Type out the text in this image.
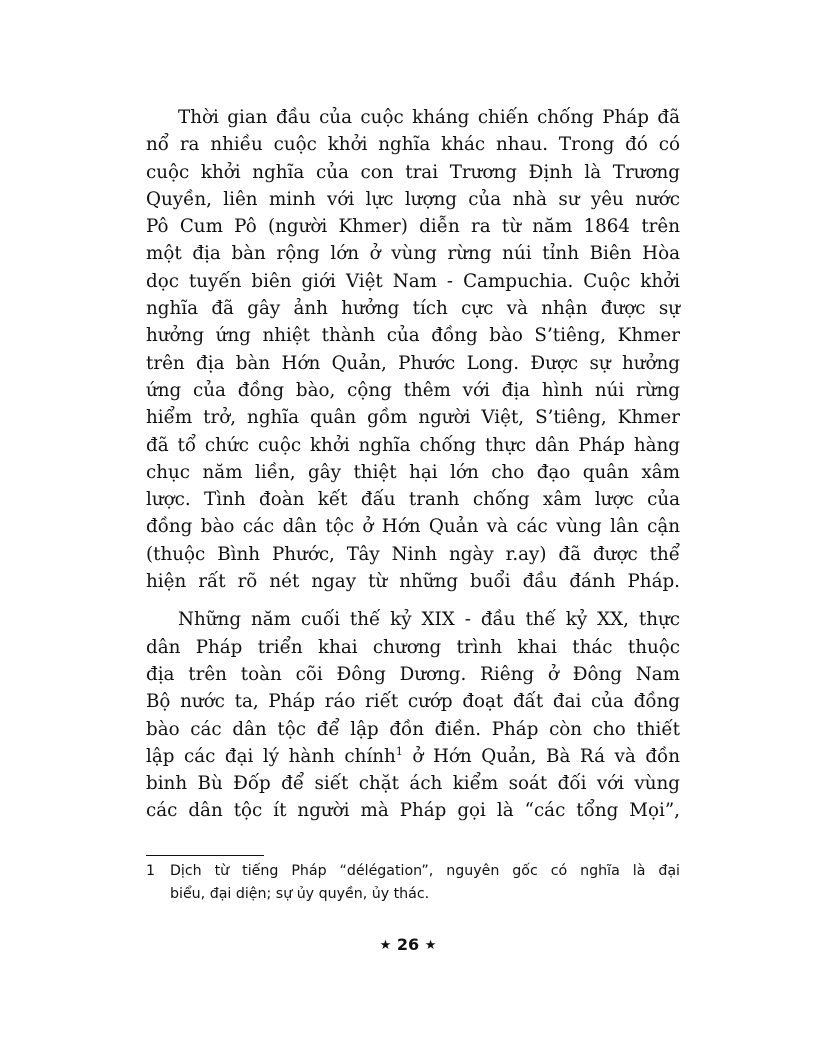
Thời gian đầu của cuộc kháng chiến chống Pháp đã
nổ ra nhiều cuộc khởi nghĩa khác nhau. Trong đó có
cuộc khởi nghĩa của con trai Trương Định là Trương
Quyền, liên minh với lực lượng của nhà sư yêu nước
Pô Cum Pô (người Khmer) diễn ra từ năm 1864 trên
một địa bàn rộng lớn ở vùng rừng núi tỉnh Biên Hòa
dọc tuyến biên giới Việt Nam - Campuchia. Cuộc khởi
nghĩa đã gây ảnh hưởng tích cực và nhận được sự
hưởng ứng nhiệt thành của đồng bào S’tiêng, Khmer
trên địa bàn Hớn Quản, Phước Long. Được sự hưởng
ứng của đồng bào, cộng thêm với địa hình núi rừng
hiểm trở, nghĩa quân gồm người Việt, S’tiêng, Khmer
đã tổ chức cuộc khởi nghĩa chống thực dân Pháp hàng
chục năm liền, gây thiệt hại lớn cho đạo quân xâm
lược. Tình đoàn kết đấu tranh chống xâm lược của
đồng bào các dân tộc ở Hớn Quản và các vùng lân cận
(thuộc Bình Phước, Tây Ninh ngày r.ay) đã được thể
hiện rất rõ nét ngay từ những buổi đầu đánh Pháp.
Những năm cuối thế kỷ XIX - đầu thế kỷ XX, thực
dân Pháp triển khai chương trình khai thác thuộc
địa trên toàn cõi Đông Dương. Riêng ở Đông Nam
Bộ nước ta, Pháp ráo riết cướp đoạt đất đai của đồng
bào các dân tộc để lập đồn điền. Pháp còn cho thiết
lập các đại lý hành chính$^1$ ở Hớn Quản, Bà Rá và đồn
binh Bù Đốp để siết chặt ách kiểm soát đối với vùng
các dân tộc ít người mà Pháp gọi là “các tổng Mọi”,
1 Dịch từ tiếng Pháp “délégation”, nguyên gốc có nghĩa là đại
biểu, đại diện; sự ủy quyền, ủy thác.
★ 26 ★
